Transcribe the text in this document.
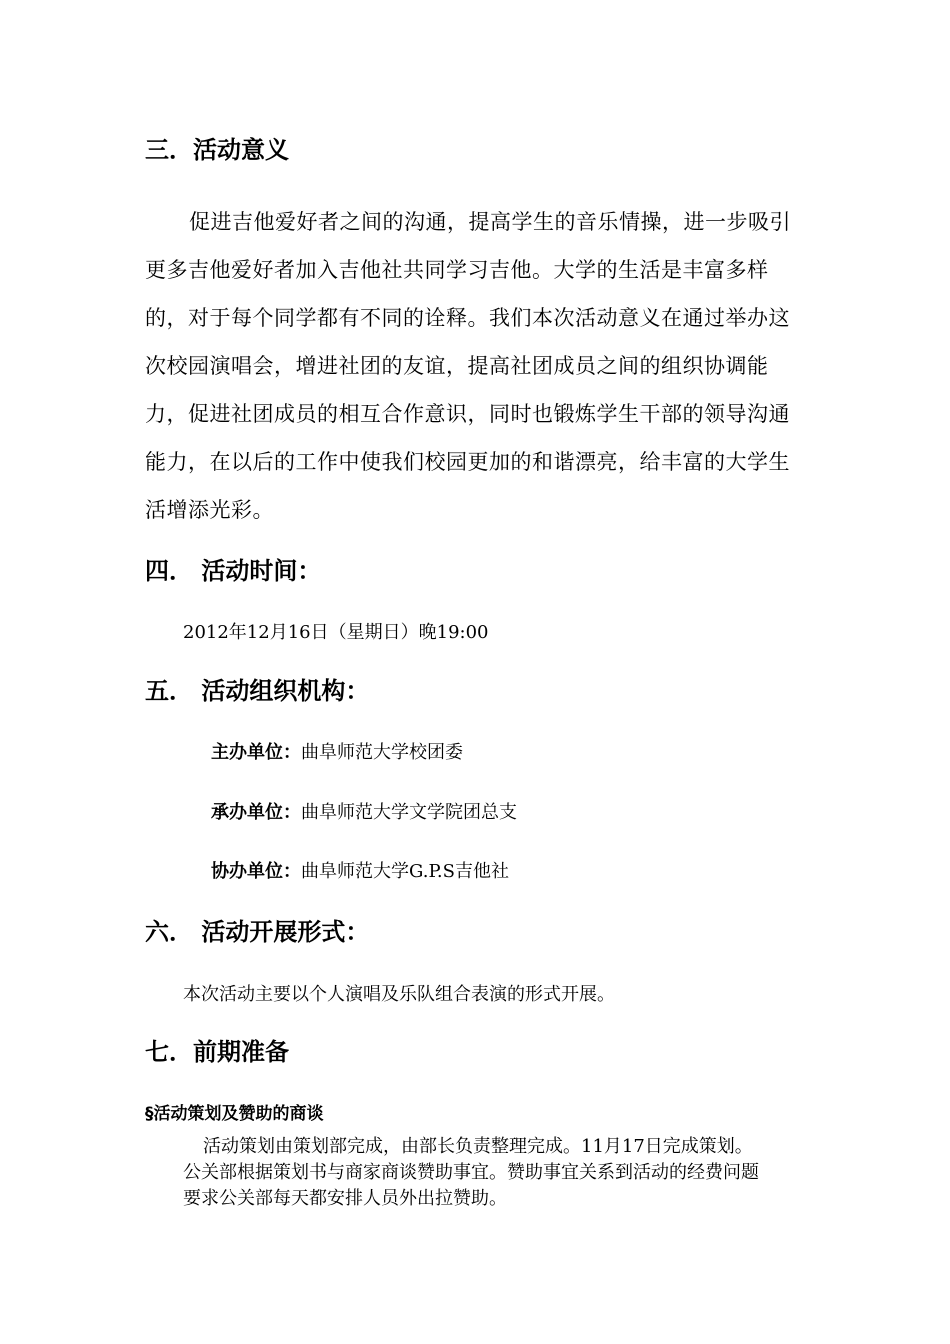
三．活动意义

促进吉他爱好者之间的沟通，提高学生的音乐情操，进一步吸引更多吉他爱好者加入吉他社共同学习吉他。大学的生活是丰富多样的，对于每个同学都有不同的诠释。我们本次活动意义在通过举办这次校园演唱会，增进社团的友谊，提高社团成员之间的组织协调能力，促进社团成员的相互合作意识，同时也锻炼学生干部的领导沟通能力，在以后的工作中使我们校园更加的和谐漂亮，给丰富的大学生活增添光彩。

四． 活动时间：

2012年12月16日（星期日）晚19:00

五． 活动组织机构：

主办单位：曲阜师范大学校团委

承办单位：曲阜师范大学文学院团总支

协办单位：曲阜师范大学G.P.S吉他社

六． 活动开展形式：

本次活动主要以个人演唱及乐队组合表演的形式开展。

七．前期准备

§活动策划及赞助的商谈

活动策划由策划部完成，由部长负责整理完成。11月17日完成策划。
公关部根据策划书与商家商谈赞助事宜。赞助事宜关系到活动的经费问题
要求公关部每天都安排人员外出拉赞助。
